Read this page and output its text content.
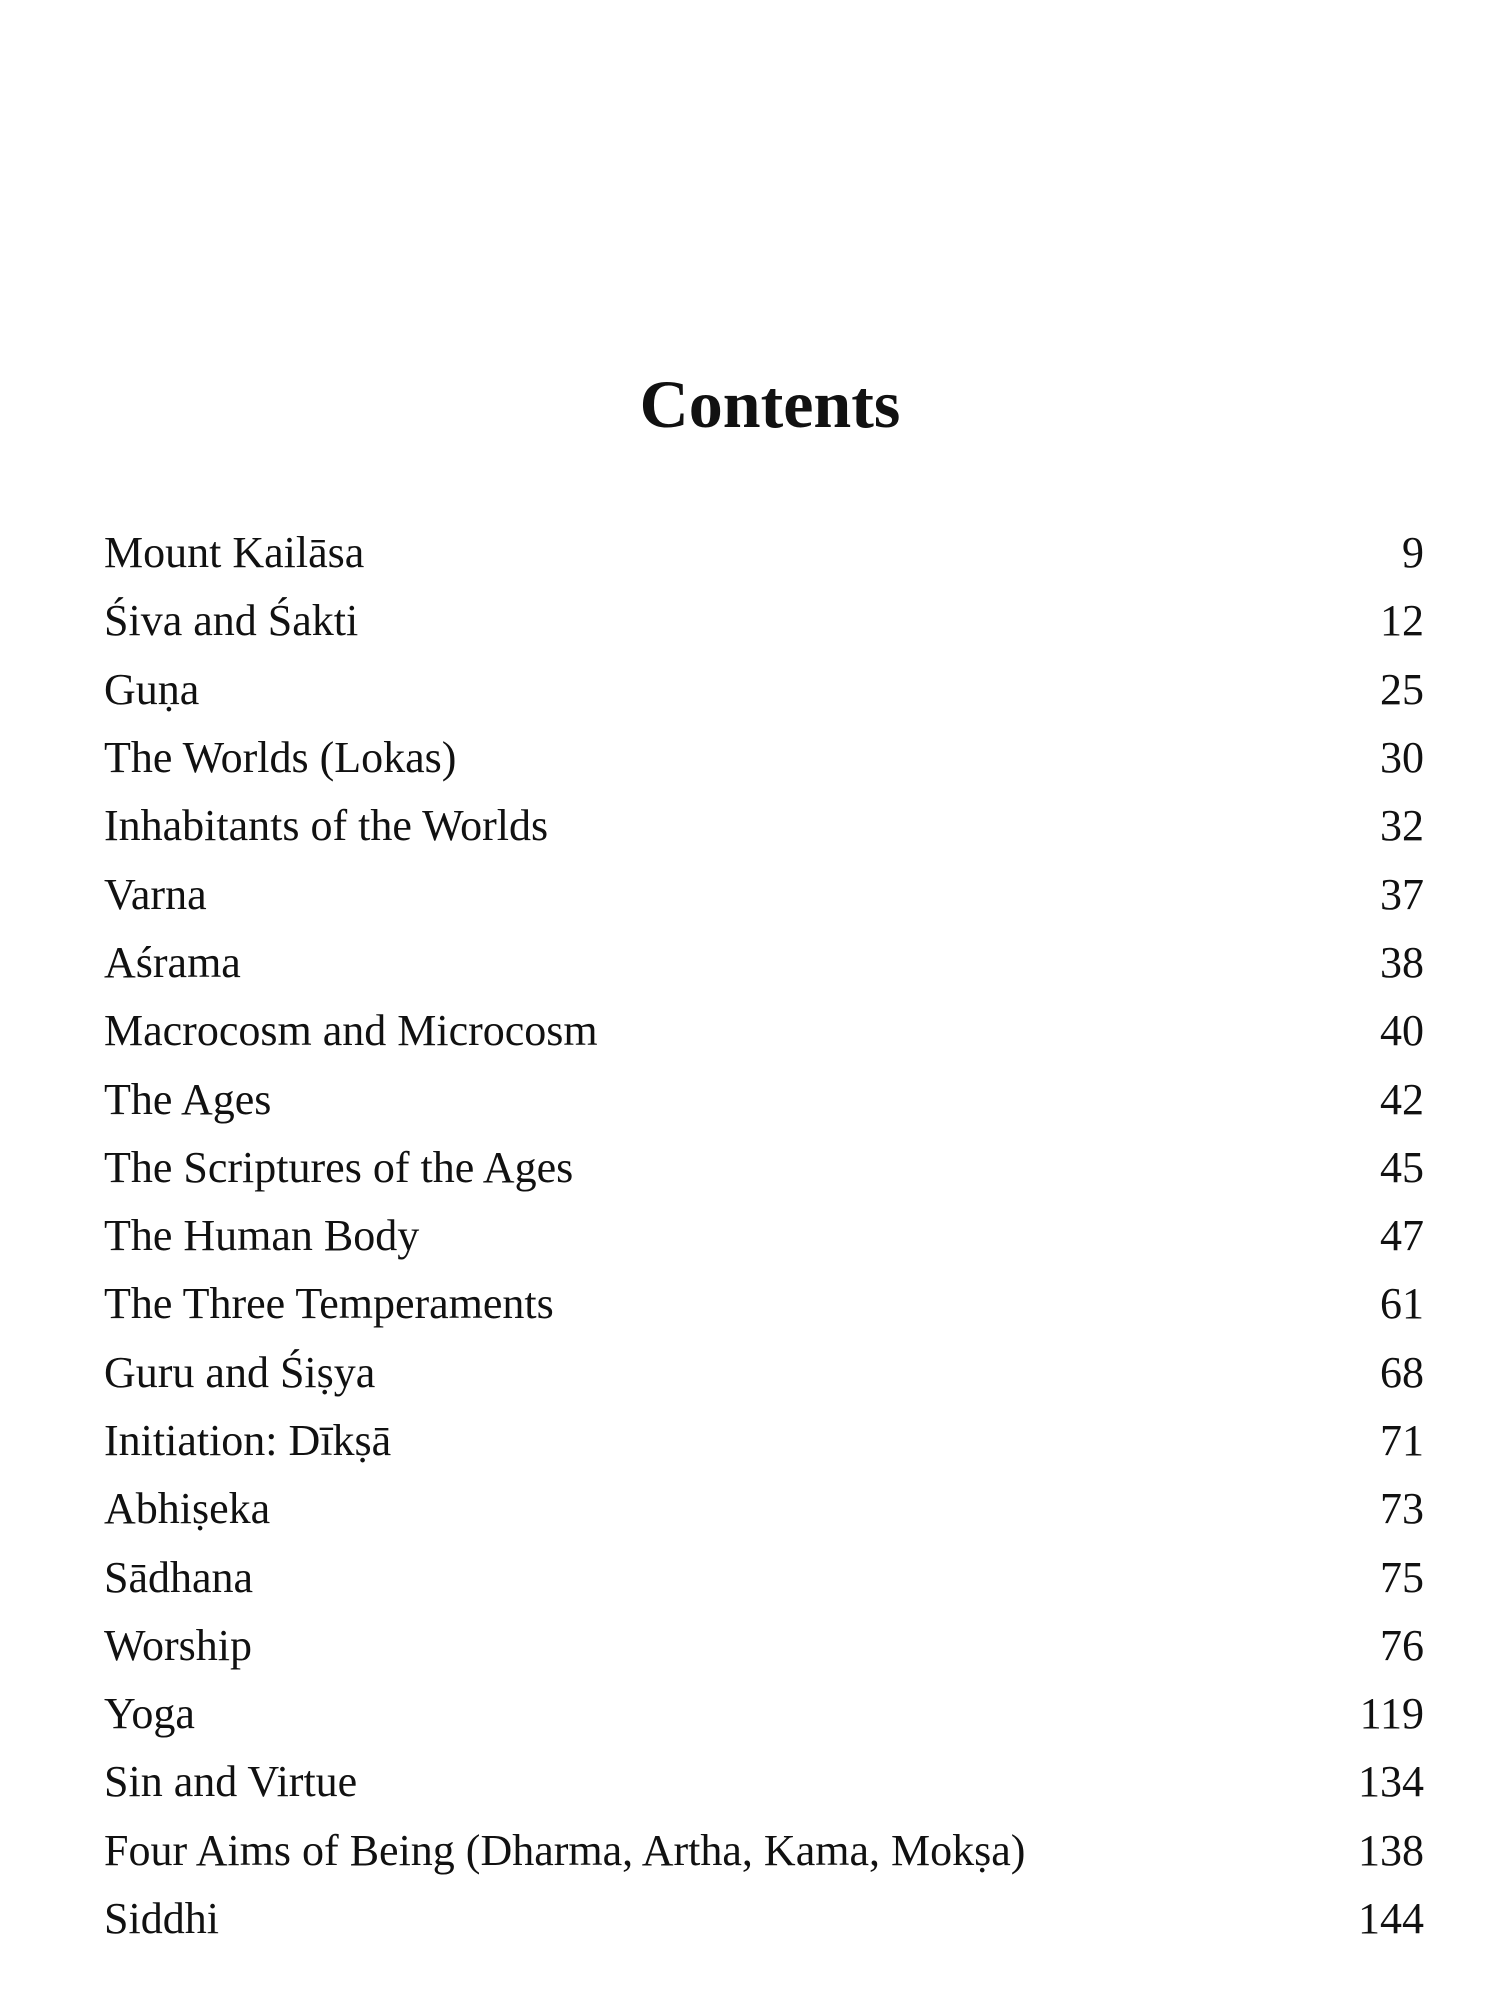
Contents
Mount Kailāsa	9
Śiva and Śakti	12
Guṇa	25
The Worlds (Lokas)	30
Inhabitants of the Worlds	32
Varna	37
Aśrama	38
Macrocosm and Microcosm	40
The Ages	42
The Scriptures of the Ages	45
The Human Body	47
The Three Temperaments	61
Guru and Śiṣya	68
Initiation: Dīkṣā	71
Abhiṣeka	73
Sādhana	75
Worship	76
Yoga	119
Sin and Virtue	134
Four Aims of Being (Dharma, Artha, Kama, Mokṣa)	138
Siddhi	144
